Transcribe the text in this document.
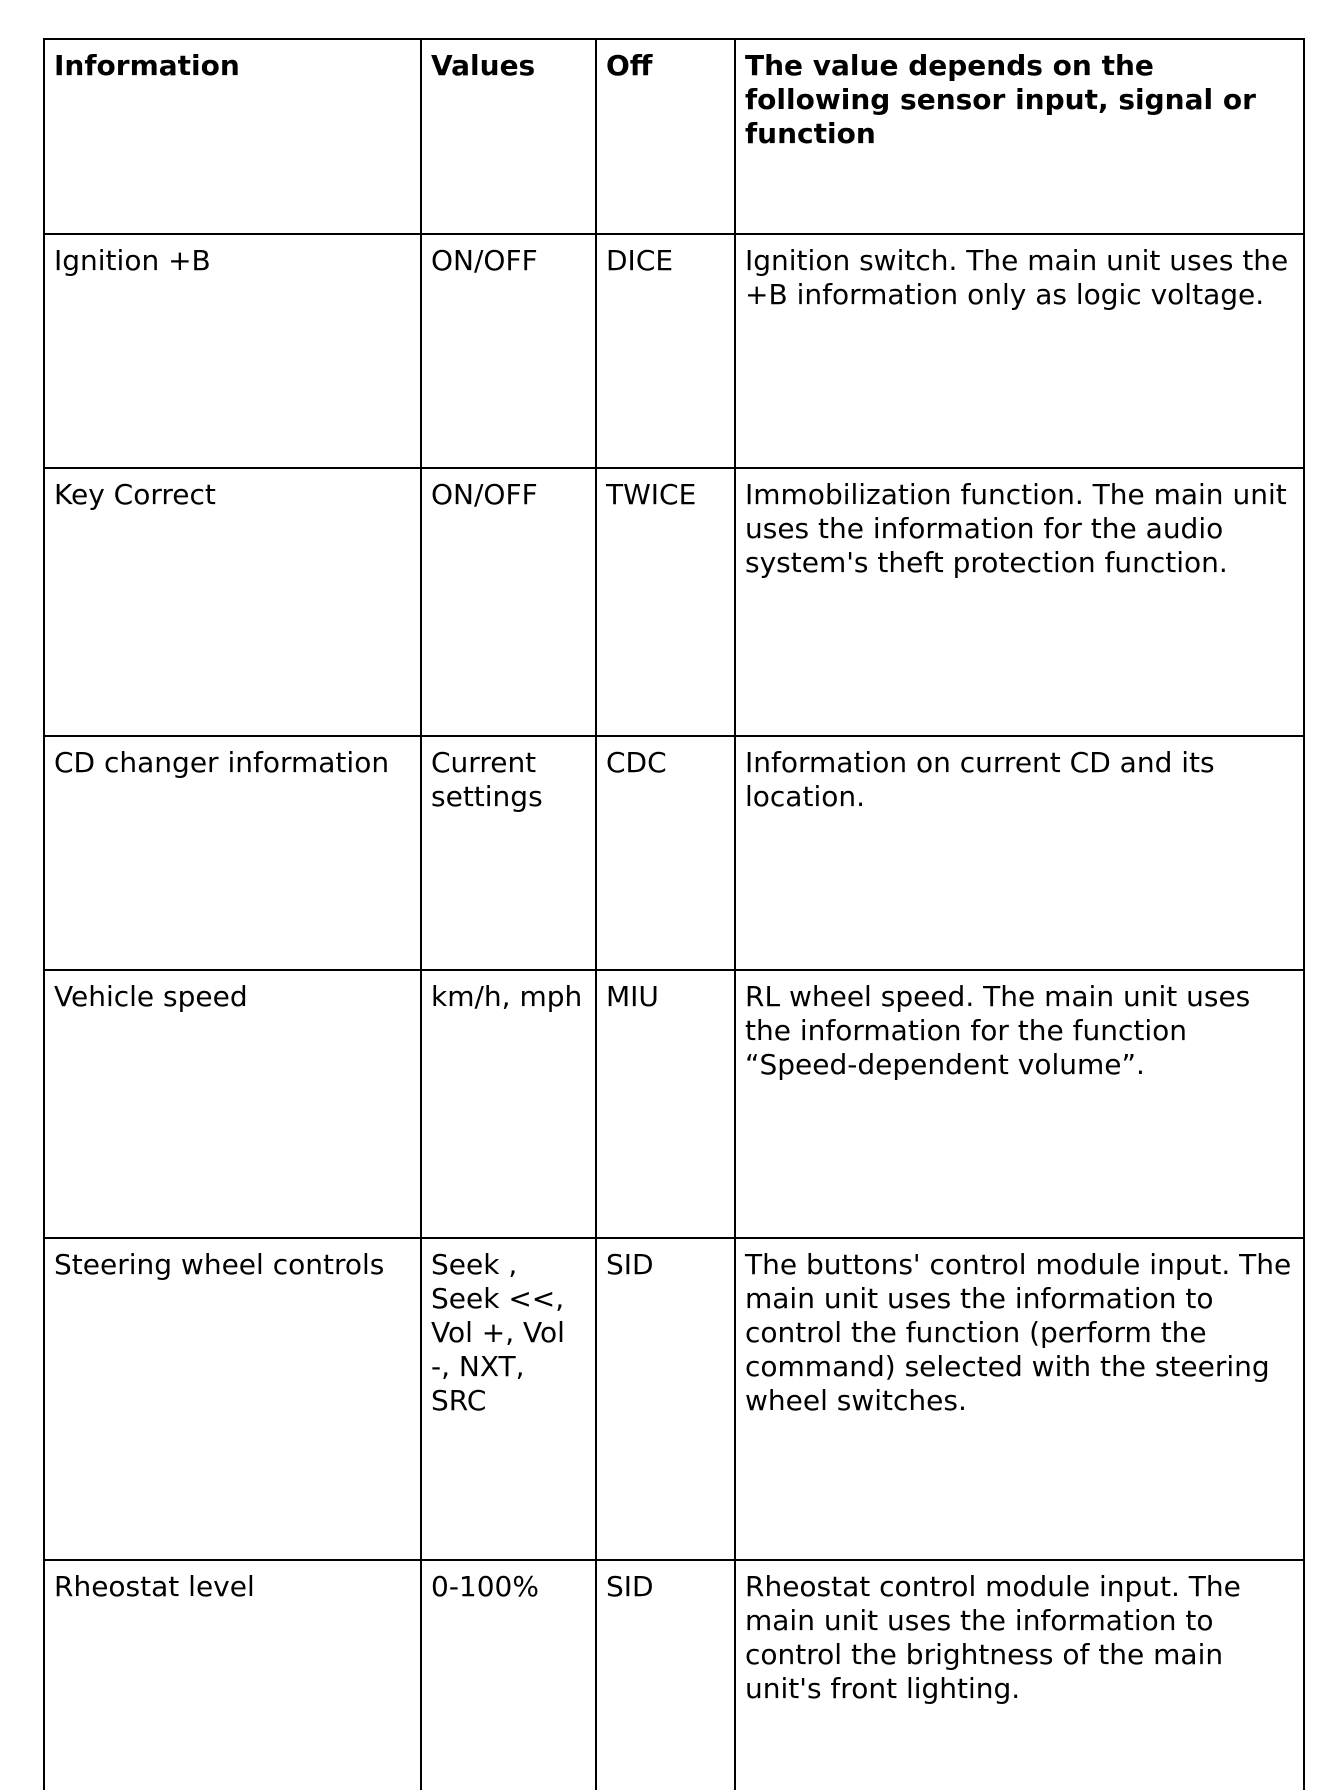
Information	Values	Off	The value depends on the following sensor input, signal or function
Ignition +B	ON/OFF	DICE	Ignition switch. The main unit uses the +B information only as logic voltage.
Key Correct	ON/OFF	TWICE	Immobilization function. The main unit uses the information for the audio system's theft protection function.
CD changer information	Current settings	CDC	Information on current CD and its location.
Vehicle speed	km/h, mph	MIU	RL wheel speed. The main unit uses the information for the function “Speed-dependent volume”.
Steering wheel controls	Seek , Seek <<, Vol +, Vol -, NXT, SRC	SID	The buttons' control module input. The main unit uses the information to control the function (perform the command) selected with the steering wheel switches.
Rheostat level	0-100%	SID	Rheostat control module input. The main unit uses the information to control the brightness of the main unit's front lighting.
